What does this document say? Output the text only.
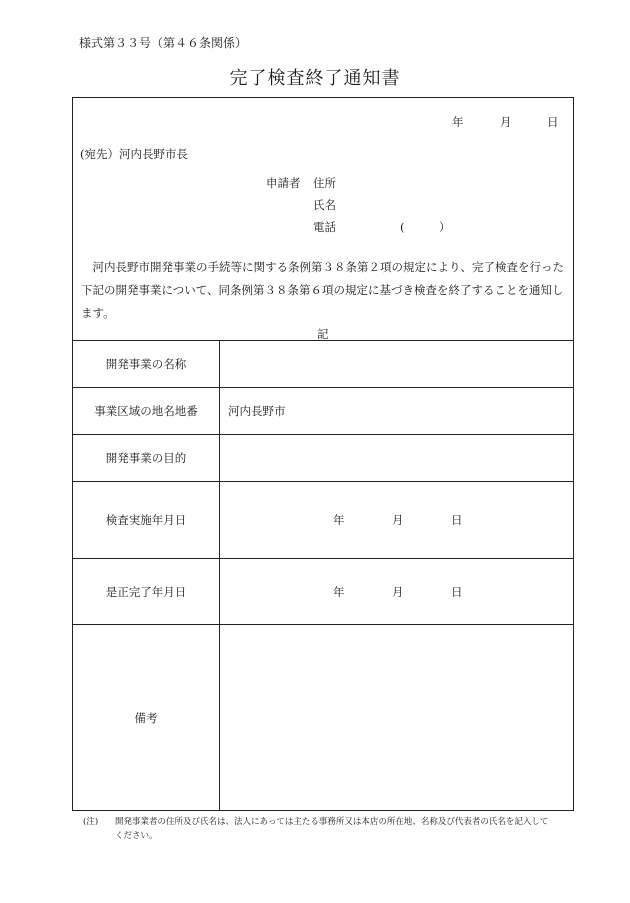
様式第３３号（第４６条関係）
完了検査終了通知書
年	月	日
(宛先）河内長野市長
申請者 住所
氏名
電話	(　　　）
河内長野市開発事業の手続等に関する条例第３８条第２項の規定により、完了検査を行った下記の開発事業について、同条例第３８条第６項の規定に基づき検査を終了することを通知します。
記
開発事業の名称	
事業区域の地名地番	河内長野市
開発事業の目的	
検査実施年月日	年 月 日

是正完了年月日	年 月 日

備考	
(注) 開発事業者の住所及び氏名は、法人にあっては主たる事務所又は本店の所在地、名称及び代表者の氏名を記入してください。
